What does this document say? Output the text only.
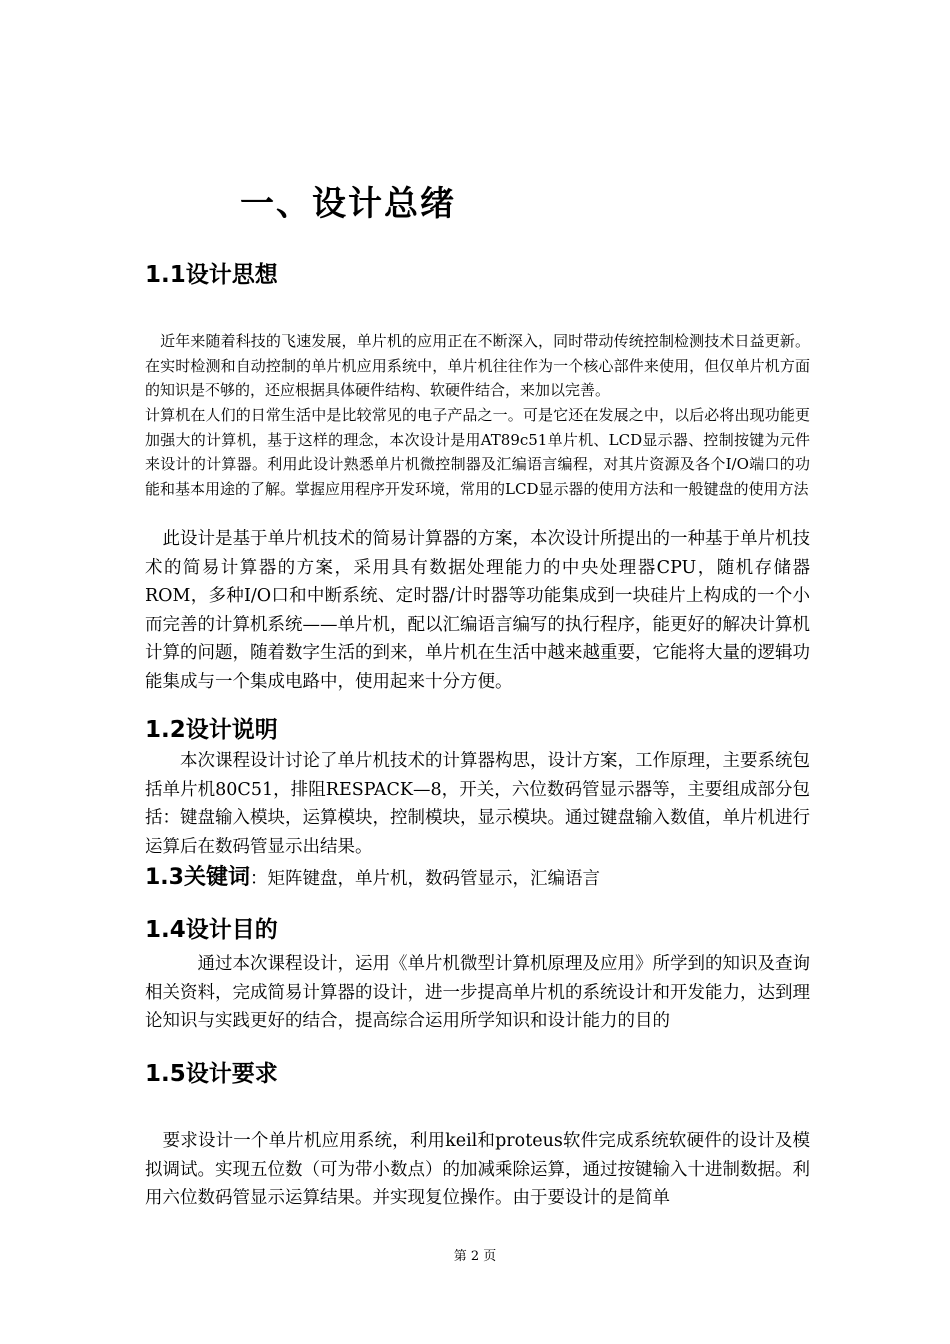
一、设计总绪
1.1设计思想

　近年来随着科技的飞速发展，单片机的应用正在不断深入，同时带动传统控制检测技术日益更新。在实时检测和自动控制的单片机应用系统中，单片机往往作为一个核心部件来使用，但仅单片机方面的知识是不够的，还应根据具体硬件结构、软硬件结合，来加以完善。

计算机在人们的日常生活中是比较常见的电子产品之一。可是它还在发展之中，以后必将出现功能更加强大的计算机，基于这样的理念，本次设计是用AT89c51单片机、LCD显示器、控制按键为元件来设计的计算器。利用此设计熟悉单片机微控制器及汇编语言编程，对其片资源及各个I/O端口的功能和基本用途的了解。掌握应用程序开发环境，常用的LCD显示器的使用方法和一般键盘的使用方法

　此设计是基于单片机技术的简易计算器的方案，本次设计所提出的一种基于单片机技术的简易计算器的方案，采用具有数据处理能力的中央处理器CPU，随机存储器ROM，多种I/O口和中断系统、定时器/计时器等功能集成到一块硅片上构成的一个小而完善的计算机系统——单片机，配以汇编语言编写的执行程序，能更好的解决计算机计算的问题，随着数字生活的到来，单片机在生活中越来越重要，它能将大量的逻辑功能集成与一个集成电路中，使用起来十分方便。

1.2设计说明

　　本次课程设计讨论了单片机技术的计算器构思，设计方案，工作原理，主要系统包括单片机80C51，排阻RESPACK—8，开关，六位数码管显示器等，主要组成部分包括：键盘输入模块，运算模块，控制模块，显示模块。通过键盘输入数值，单片机进行运算后在数码管显示出结果。

1.3关键词：矩阵键盘，单片机，数码管显示，汇编语言

1.4设计目的

　　　通过本次课程设计，运用《单片机微型计算机原理及应用》所学到的知识及查询相关资料，完成简易计算器的设计，进一步提高单片机的系统设计和开发能力，达到理论知识与实践更好的结合，提高综合运用所学知识和设计能力的目的

1.5设计要求

　要求设计一个单片机应用系统，利用keil和proteus软件完成系统软硬件的设计及模拟调试。实现五位数（可为带小数点）的加减乘除运算，通过按键输入十进制数据。利用六位数码管显示运算结果。并实现复位操作。由于要设计的是简单

第 2 页
